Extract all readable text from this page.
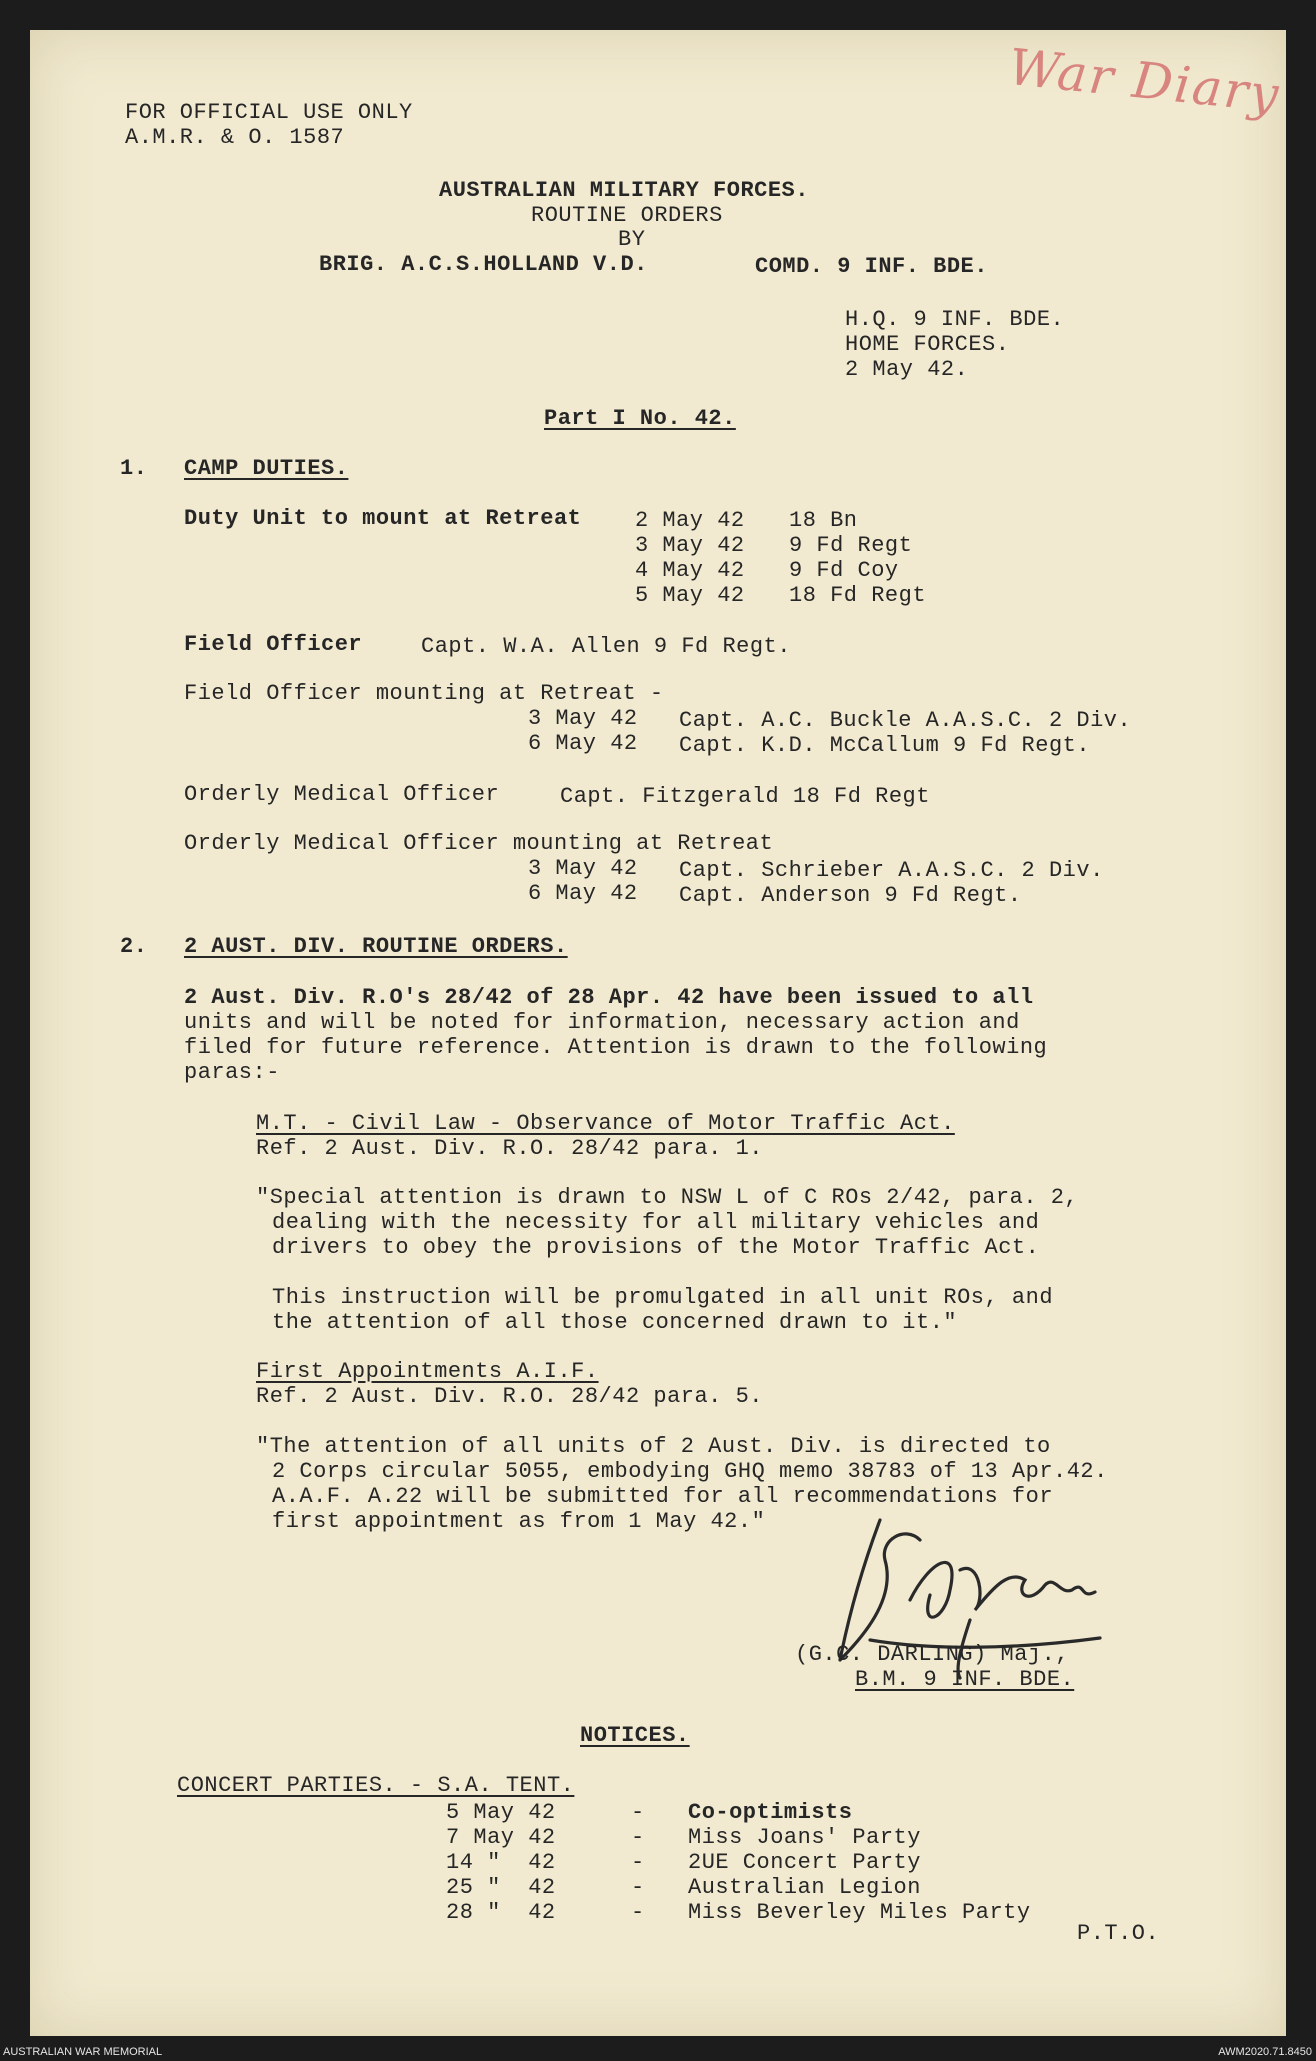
War Diary
FOR OFFICIAL USE ONLY
A.M.R. & O. 1587
AUSTRALIAN MILITARY FORCES.
ROUTINE ORDERS
BY
BRIG. A.C.S.HOLLAND V.D.	COMD. 9 INF. BDE.
H.Q. 9 INF. BDE.
HOME FORCES.
2 May 42.
Part I No. 42.
1. CAMP DUTIES.
Duty Unit to mount at Retreat 2 May 42 18 Bn
3 May 42 9 Fd Regt
4 May 42 9 Fd Coy
5 May 42 18 Fd Regt
Field Officer	Capt. W.A. Allen 9 Fd Regt.
Field Officer mounting at Retreat -
3 May 42 Capt. A.C. Buckle A.A.S.C. 2 Div.
6 May 42 Capt. K.D. McCallum 9 Fd Regt.
Orderly Medical Officer	Capt. Fitzgerald 18 Fd Regt
Orderly Medical Officer mounting at Retreat
3 May 42 Capt. Schrieber A.A.S.C. 2 Div.
6 May 42 Capt. Anderson 9 Fd Regt.
2. 2 AUST. DIV. ROUTINE ORDERS.
2 Aust. Div. R.O's 28/42 of 28 Apr. 42 have been issued to all
units and will be noted for information, necessary action and
filed for future reference. Attention is drawn to the following
paras:-
M.T. - Civil Law - Observance of Motor Traffic Act.
Ref. 2 Aust. Div. R.O. 28/42 para. 1.
"Special attention is drawn to NSW L of C ROs 2/42, para. 2,
dealing with the necessity for all military vehicles and
drivers to obey the provisions of the Motor Traffic Act.
This instruction will be promulgated in all unit ROs, and
the attention of all those concerned drawn to it."
First Appointments A.I.F.
Ref. 2 Aust. Div. R.O. 28/42 para. 5.
"The attention of all units of 2 Aust. Div. is directed to
2 Corps circular 5055, embodying GHQ memo 38783 of 13 Apr.42.
A.A.F. A.22 will be submitted for all recommendations for
first appointment as from 1 May 42."
(G.C. DARLING) Maj.,
B.M. 9 INF. BDE.
NOTICES.
CONCERT PARTIES. - S.A. TENT.
5 May 42	- Co-optimists
7 May 42	- Miss Joans' Party
14 "  42	- 2UE Concert Party
25 "  42	- Australian Legion
28 "  42	- Miss Beverley Miles Party
P.T.O.
AUSTRALIAN WAR MEMORIAL	AWM2020.71.8450
